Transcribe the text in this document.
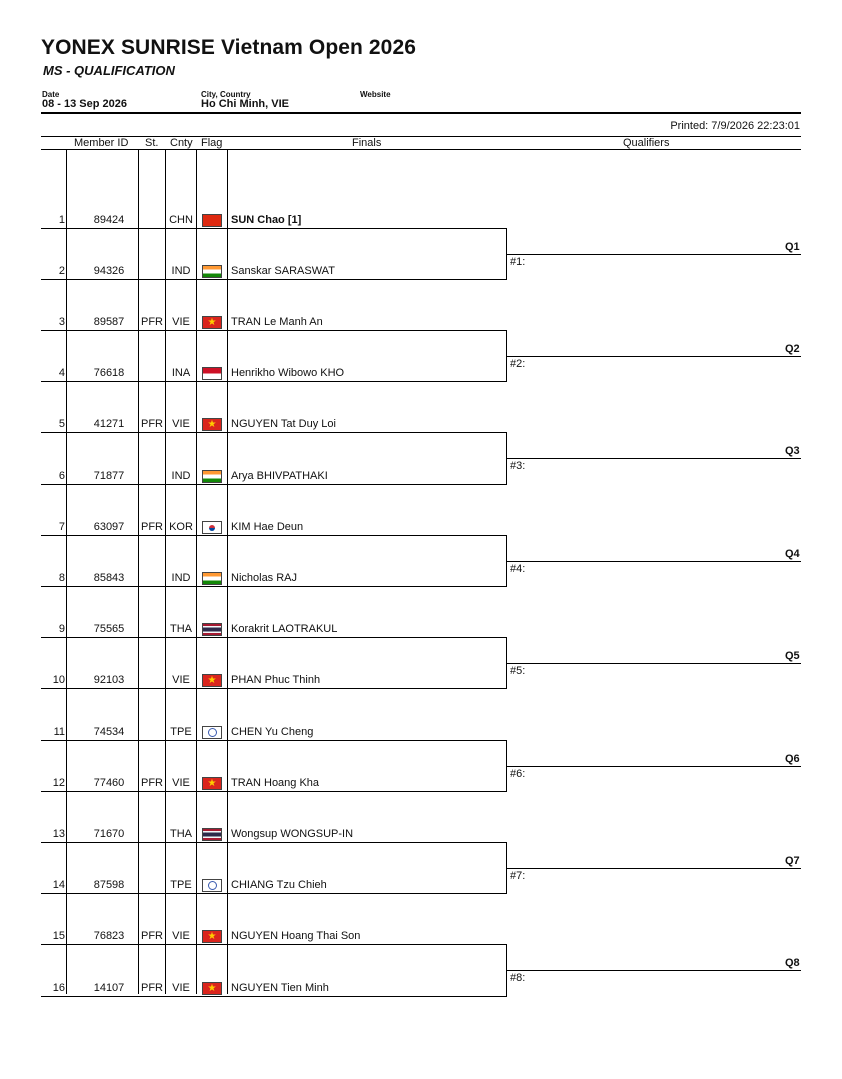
YONEX SUNRISE Vietnam Open 2026
MS - QUALIFICATION
Date
08 - 13 Sep 2026
City, Country
Ho Chi Minh, VIE
Website
Printed: 7/9/2026 22:23:01
Member ID St. Cnty Flag	Finals	Qualifiers
1	89424	CHN	SUN Chao [1]
2	94326	IND	Sanskar SARASWAT
3	89587	PFR VIE	TRAN Le Manh An
★
4	76618	INA	Henrikho Wibowo KHO
5	41271	PFR VIE	NGUYEN Tat Duy Loi
★
6	71877	IND	Arya BHIVPATHAKI
7	63097	PFR KOR	KIM Hae Deun
8	85843	IND	Nicholas RAJ
9	75565	THA	Korakrit LAOTRAKUL
10	92103	VIE	PHAN Phuc Thinh
★
11	74534	TPE	CHEN Yu Cheng
12	77460	PFR VIE	TRAN Hoang Kha
★
13	71670	THA	Wongsup WONGSUP-IN
14	87598	TPE	CHIANG Tzu Chieh
15	76823	PFR VIE	NGUYEN Hoang Thai Son
★
16	14107	PFR VIE	NGUYEN Tien Minh
★
#1:
Q1
#2:
Q2
#3:
Q3
#4:
Q4
#5:
Q5
#6:
Q6
#7:
Q7
#8:
Q8
